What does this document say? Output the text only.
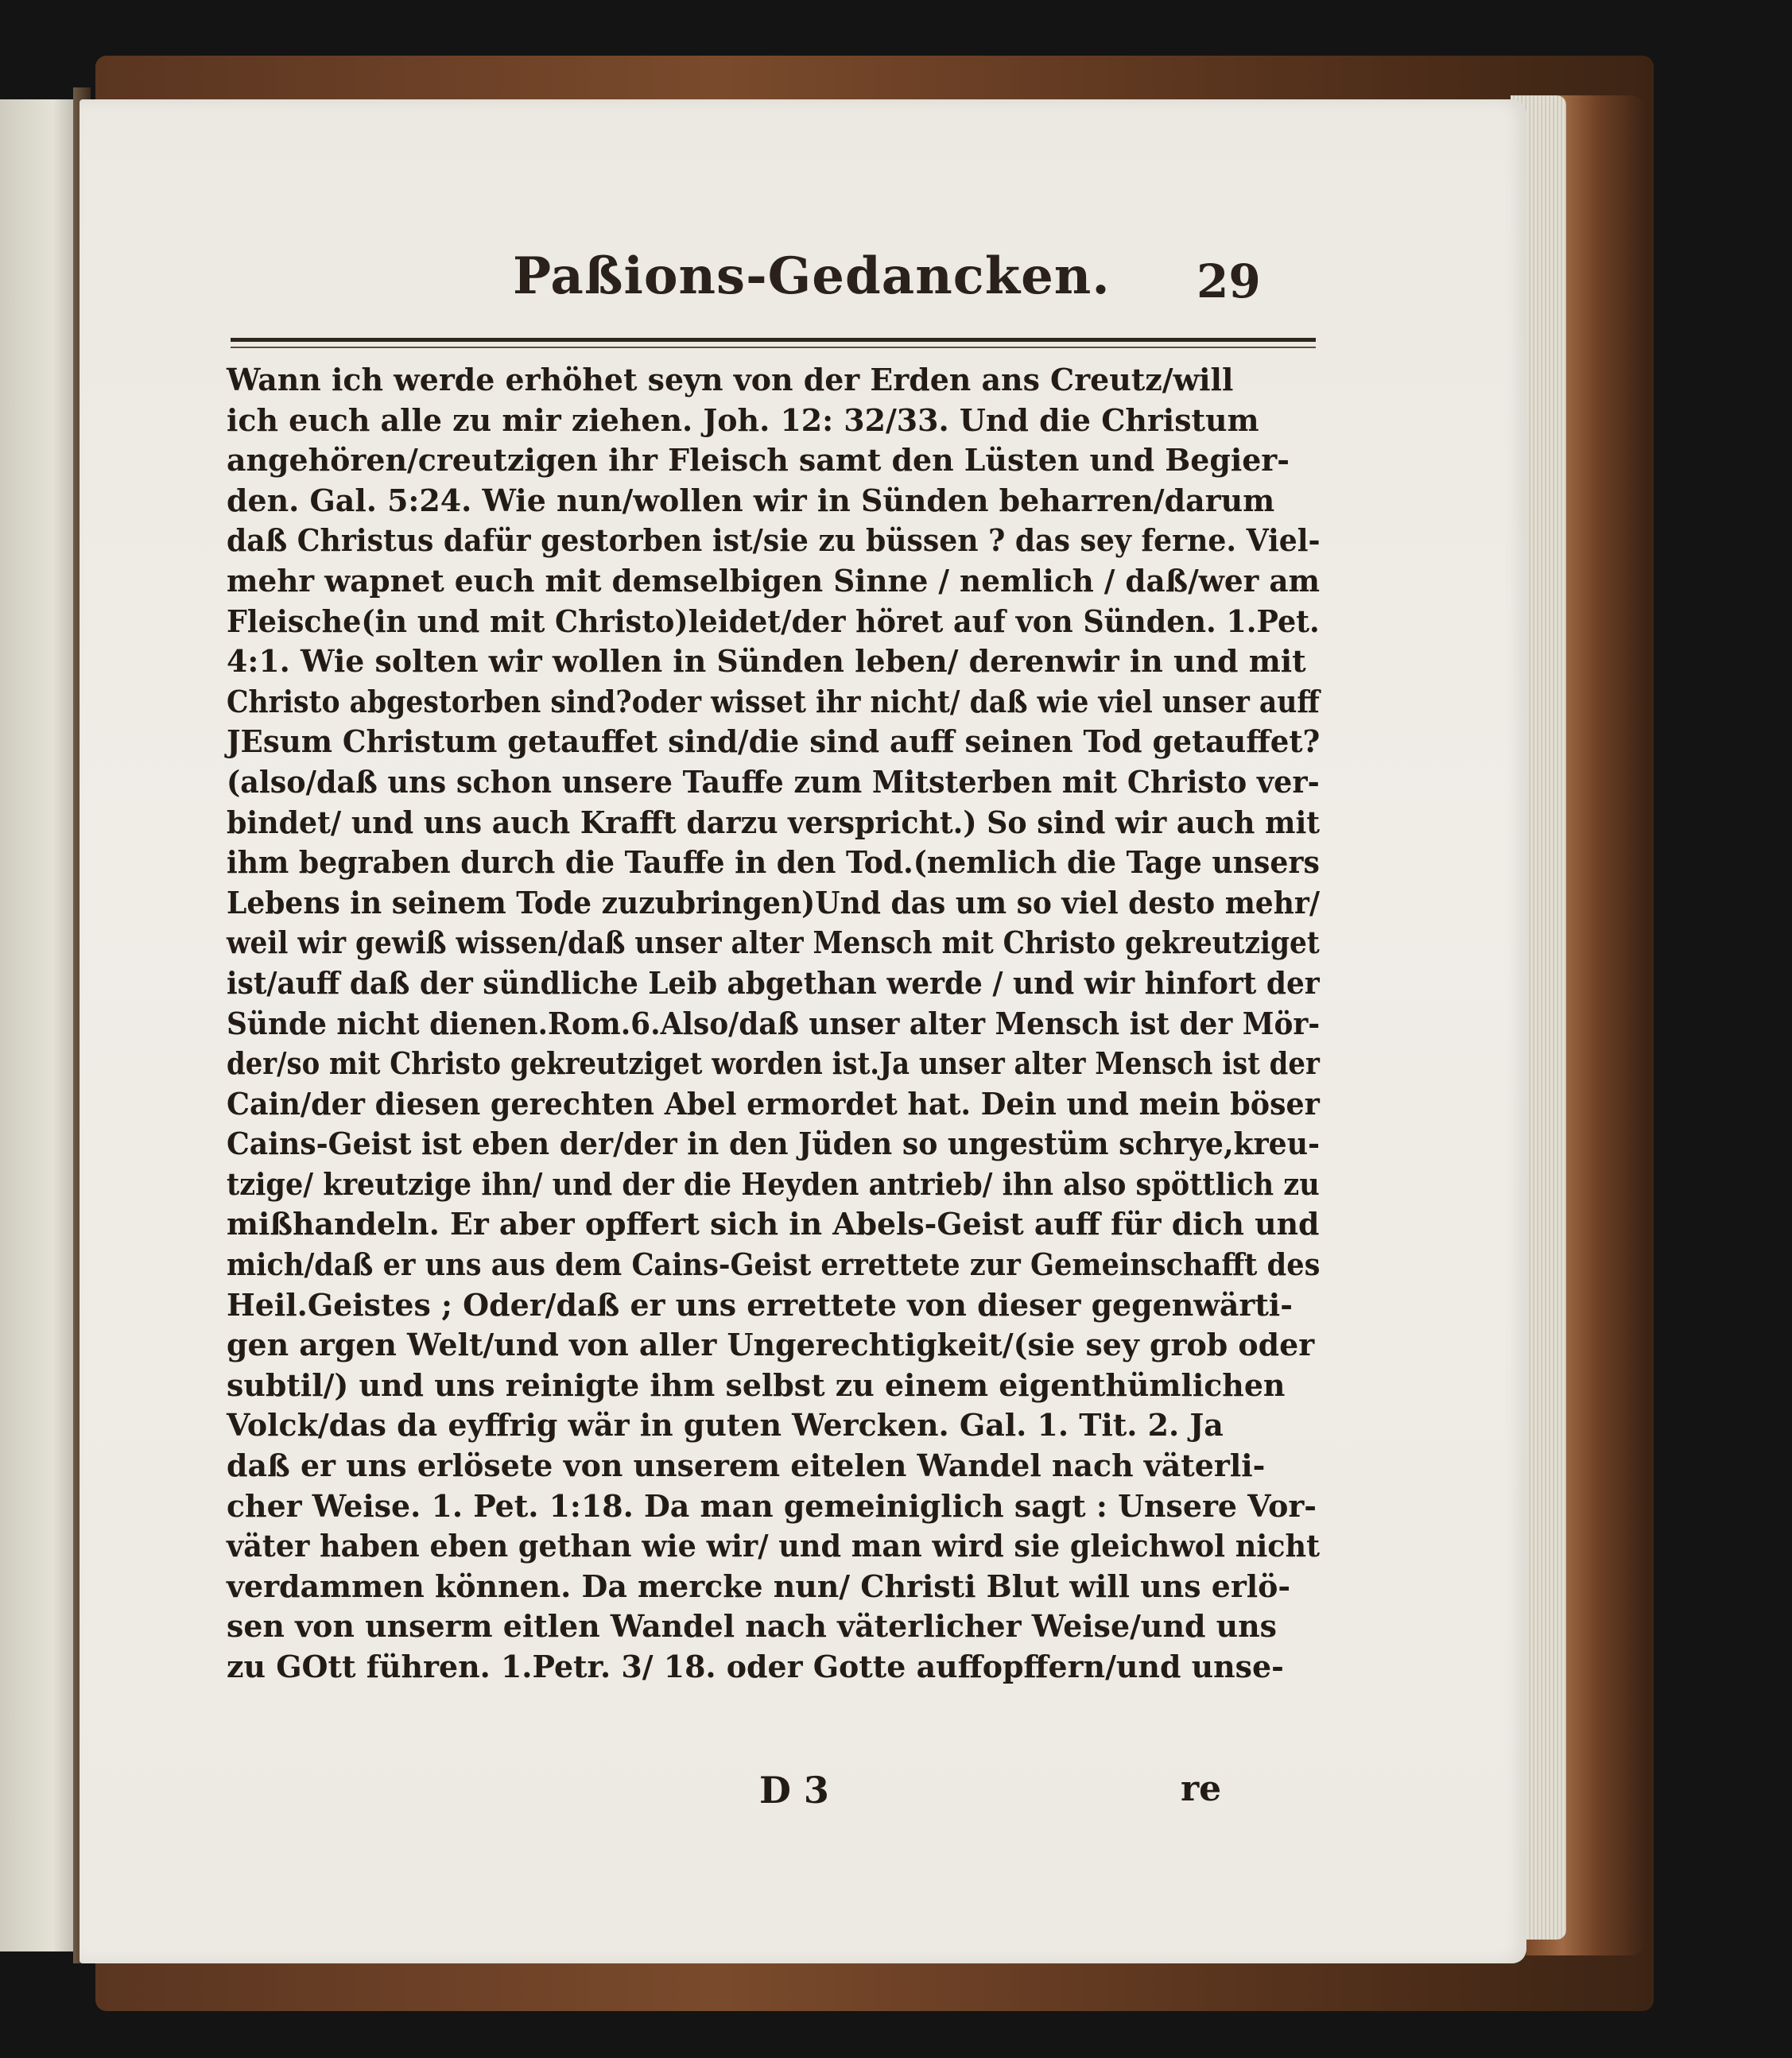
Paßions-Gedancken. 29
Wann ich werde erhöhet seyn von der Erden ans Creutz/will
ich euch alle zu mir ziehen. Joh. 12: 32/33. Und die Christum
angehören/creutzigen ihr Fleisch samt den Lüsten und Begier-
den. Gal. 5:24. Wie nun/wollen wir in Sünden beharren/darum
daß Christus dafür gestorben ist/sie zu büssen ? das sey ferne. Viel-
mehr wapnet euch mit demselbigen Sinne / nemlich / daß/wer am
Fleische(in und mit Christo)leidet/der höret auf von Sünden. 1.Pet.
4:1. Wie solten wir wollen in Sünden leben/ derenwir in und mit
Christo abgestorben sind?oder wisset ihr nicht/ daß wie viel unser auff
JEsum Christum getauffet sind/die sind auff seinen Tod getauffet?
(also/daß uns schon unsere Tauffe zum Mitsterben mit Christo ver-
bindet/ und uns auch Krafft darzu verspricht.) So sind wir auch mit
ihm begraben durch die Tauffe in den Tod.(nemlich die Tage unsers
Lebens in seinem Tode zuzubringen)Und das um so viel desto mehr/
weil wir gewiß wissen/daß unser alter Mensch mit Christo gekreutziget
ist/auff daß der sündliche Leib abgethan werde / und wir hinfort der
Sünde nicht dienen.Rom.6.Also/daß unser alter Mensch ist der Mör-
der/so mit Christo gekreutziget worden ist.Ja unser alter Mensch ist der
Cain/der diesen gerechten Abel ermordet hat. Dein und mein böser
Cains-Geist ist eben der/der in den Jüden so ungestüm schrye,kreu-
tzige/ kreutzige ihn/ und der die Heyden antrieb/ ihn also spöttlich zu
mißhandeln. Er aber opffert sich in Abels-Geist auff für dich und
mich/daß er uns aus dem Cains-Geist errettete zur Gemeinschafft des
Heil.Geistes ; Oder/daß er uns errettete von dieser gegenwärti-
gen argen Welt/und von aller Ungerechtigkeit/(sie sey grob oder
subtil/) und uns reinigte ihm selbst zu einem eigenthümlichen
Volck/das da eyffrig wär in guten Wercken. Gal. 1. Tit. 2. Ja
daß er uns erlösete von unserem eitelen Wandel nach väterli-
cher Weise. 1. Pet. 1:18. Da man gemeiniglich sagt : Unsere Vor-
väter haben eben gethan wie wir/ und man wird sie gleichwol nicht
verdammen können. Da mercke nun/ Christi Blut will uns erlö-
sen von unserm eitlen Wandel nach väterlicher Weise/und uns
zu GOtt führen. 1.Petr. 3/ 18. oder Gotte auffopffern/und unse-
D 3	re
